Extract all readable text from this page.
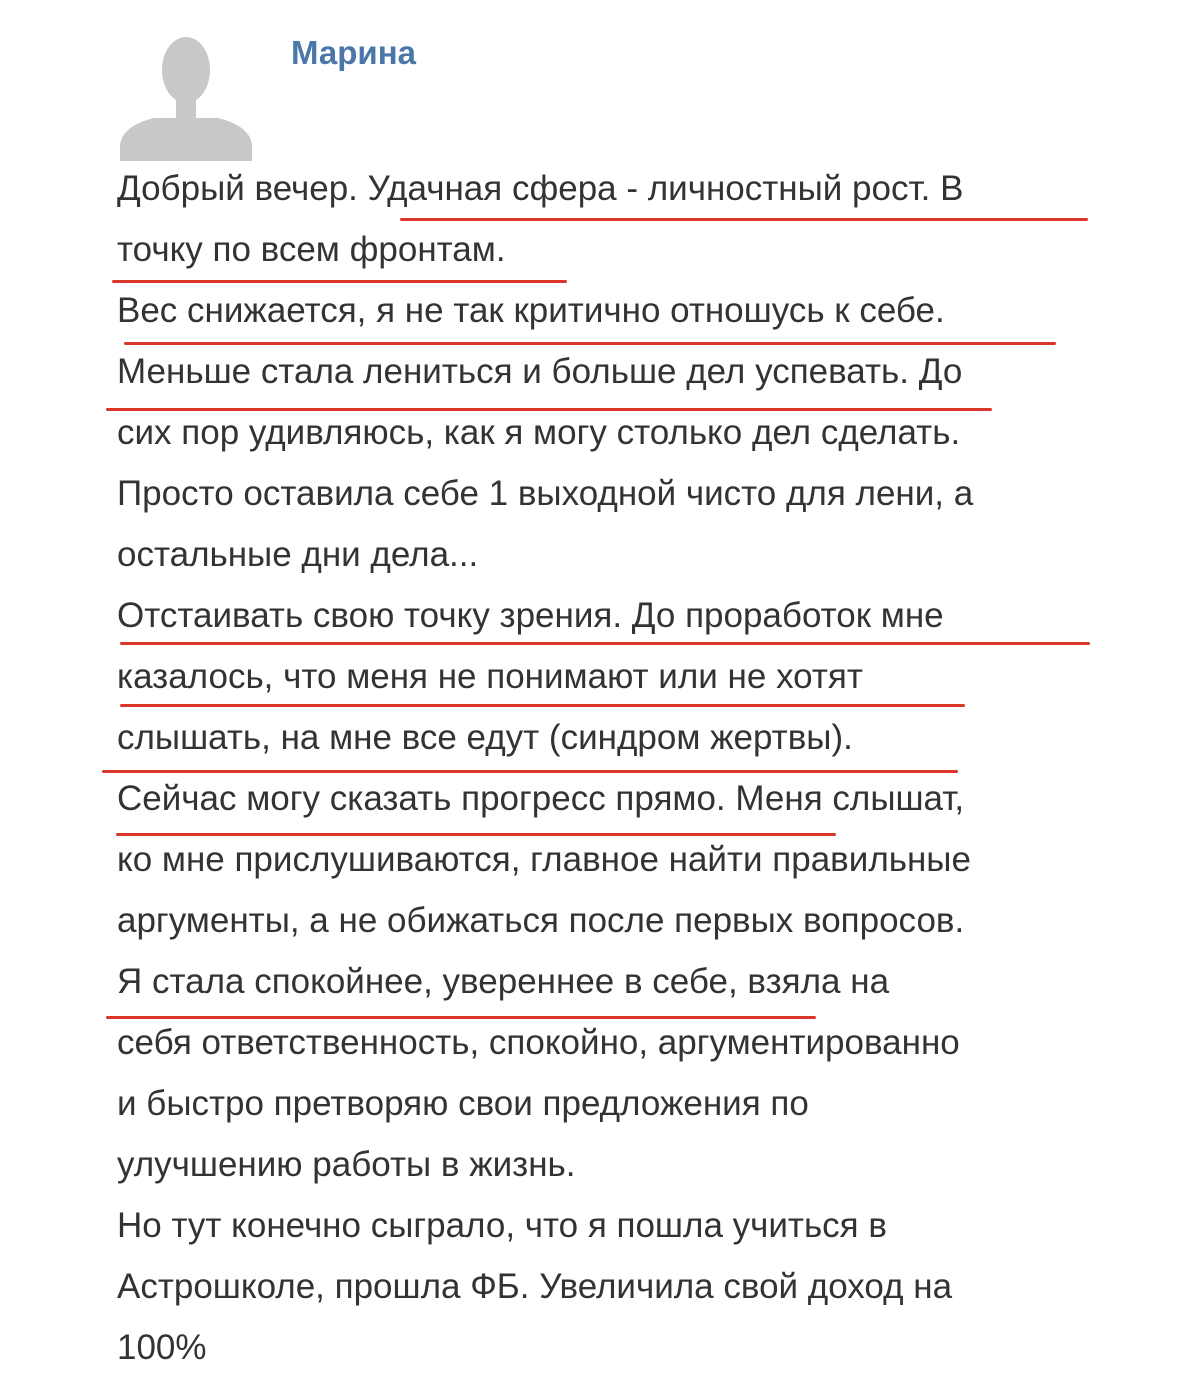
Марина
Добрый вечер. Удачная сфера - личностный рост. В
точку по всем фронтам.
Вес снижается, я не так критично отношусь к себе.
Меньше стала лениться и больше дел успевать. До
сих пор удивляюсь, как я могу столько дел сделать.
Просто оставила себе 1 выходной чисто для лени, а
остальные дни дела...
Отстаивать свою точку зрения. До проработок мне
казалось, что меня не понимают или не хотят
слышать, на мне все едут (синдром жертвы).
Сейчас могу сказать прогресс прямо. Меня слышат,
ко мне прислушиваются, главное найти правильные
аргументы, а не обижаться после первых вопросов.
Я стала спокойнее, увереннее в себе, взяла на
себя ответственность, спокойно, аргументированно
и быстро претворяю свои предложения по
улучшению работы в жизнь.
Но тут конечно сыграло, что я пошла учиться в
Астрошколе, прошла ФБ. Увеличила свой доход на
100%
